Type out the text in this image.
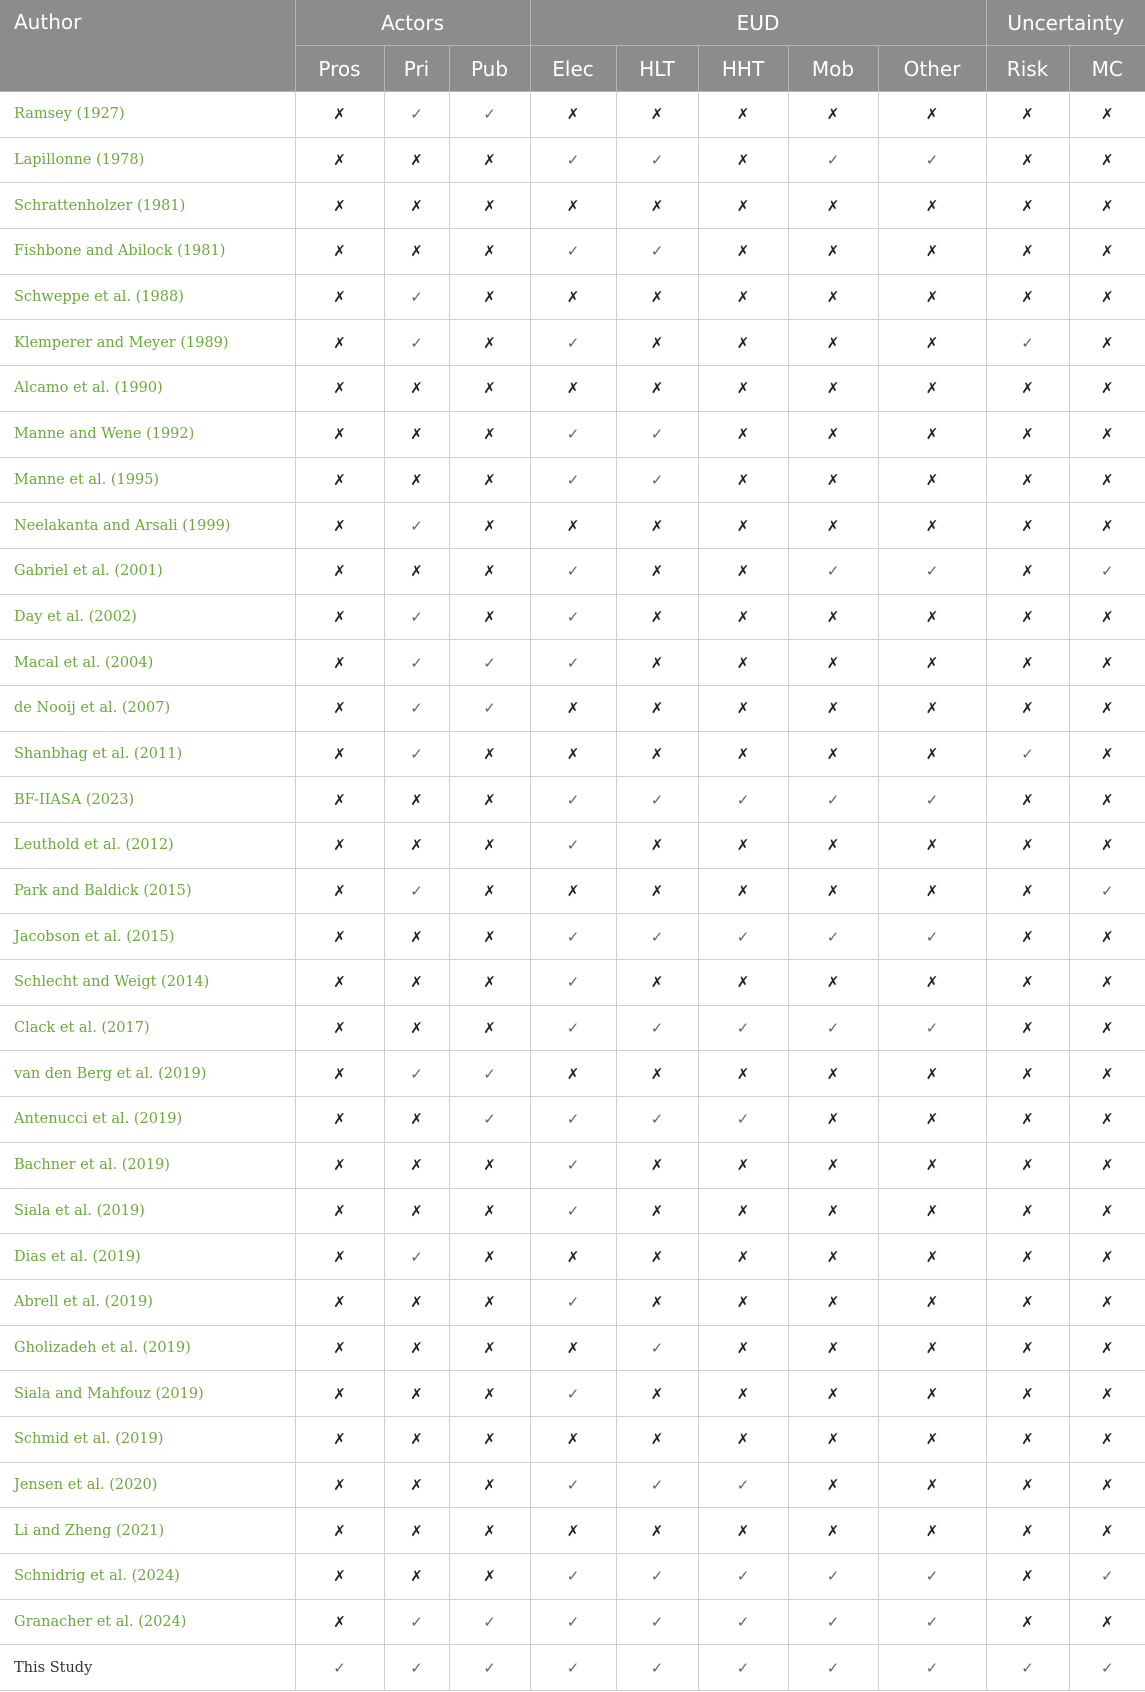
Author	Actors			EUD					Uncertainty	
	Pros	Pri	Pub	Elec	HLT	HHT	Mob	Other	Risk	MC
Ramsey (1927)	✗	✓	✓	✗	✗	✗	✗	✗	✗	✗
Lapillonne (1978)	✗	✗	✗	✓	✓	✗	✓	✓	✗	✗
Schrattenholzer (1981)	✗	✗	✗	✗	✗	✗	✗	✗	✗	✗
Fishbone and Abilock (1981)	✗	✗	✗	✓	✓	✗	✗	✗	✗	✗
Schweppe et al. (1988)	✗	✓	✗	✗	✗	✗	✗	✗	✗	✗
Klemperer and Meyer (1989)	✗	✓	✗	✓	✗	✗	✗	✗	✓	✗
Alcamo et al. (1990)	✗	✗	✗	✗	✗	✗	✗	✗	✗	✗
Manne and Wene (1992)	✗	✗	✗	✓	✓	✗	✗	✗	✗	✗
Manne et al. (1995)	✗	✗	✗	✓	✓	✗	✗	✗	✗	✗
Neelakanta and Arsali (1999)	✗	✓	✗	✗	✗	✗	✗	✗	✗	✗
Gabriel et al. (2001)	✗	✗	✗	✓	✗	✗	✓	✓	✗	✓
Day et al. (2002)	✗	✓	✗	✓	✗	✗	✗	✗	✗	✗
Macal et al. (2004)	✗	✓	✓	✓	✗	✗	✗	✗	✗	✗
de Nooij et al. (2007)	✗	✓	✓	✗	✗	✗	✗	✗	✗	✗
Shanbhag et al. (2011)	✗	✓	✗	✗	✗	✗	✗	✗	✓	✗
BF-IIASA (2023)	✗	✗	✗	✓	✓	✓	✓	✓	✗	✗
Leuthold et al. (2012)	✗	✗	✗	✓	✗	✗	✗	✗	✗	✗
Park and Baldick (2015)	✗	✓	✗	✗	✗	✗	✗	✗	✗	✓
Jacobson et al. (2015)	✗	✗	✗	✓	✓	✓	✓	✓	✗	✗
Schlecht and Weigt (2014)	✗	✗	✗	✓	✗	✗	✗	✗	✗	✗
Clack et al. (2017)	✗	✗	✗	✓	✓	✓	✓	✓	✗	✗
van den Berg et al. (2019)	✗	✓	✓	✗	✗	✗	✗	✗	✗	✗
Antenucci et al. (2019)	✗	✗	✓	✓	✓	✓	✗	✗	✗	✗
Bachner et al. (2019)	✗	✗	✗	✓	✗	✗	✗	✗	✗	✗
Siala et al. (2019)	✗	✗	✗	✓	✗	✗	✗	✗	✗	✗
Dias et al. (2019)	✗	✓	✗	✗	✗	✗	✗	✗	✗	✗
Abrell et al. (2019)	✗	✗	✗	✓	✗	✗	✗	✗	✗	✗
Gholizadeh et al. (2019)	✗	✗	✗	✗	✓	✗	✗	✗	✗	✗
Siala and Mahfouz (2019)	✗	✗	✗	✓	✗	✗	✗	✗	✗	✗
Schmid et al. (2019)	✗	✗	✗	✗	✗	✗	✗	✗	✗	✗
Jensen et al. (2020)	✗	✗	✗	✓	✓	✓	✗	✗	✗	✗
Li and Zheng (2021)	✗	✗	✗	✗	✗	✗	✗	✗	✗	✗
Schnidrig et al. (2024)	✗	✗	✗	✓	✓	✓	✓	✓	✗	✓
Granacher et al. (2024)	✗	✓	✓	✓	✓	✓	✓	✓	✗	✗
This Study	✓	✓	✓	✓	✓	✓	✓	✓	✓	✓
